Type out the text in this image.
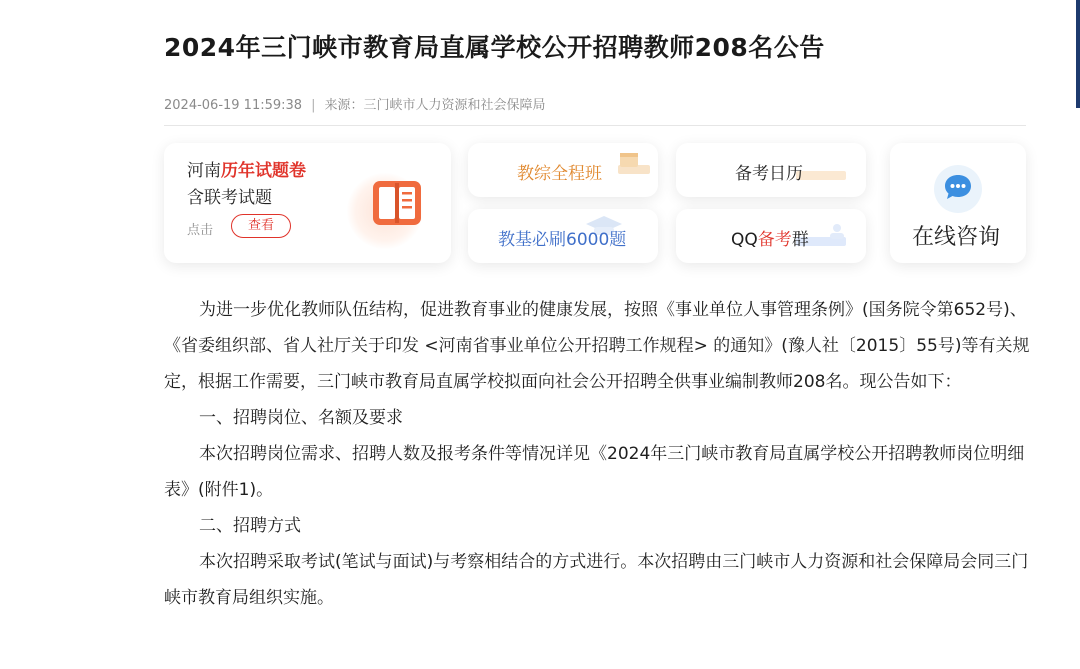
2024年三门峡市教育局直属学校公开招聘教师208名公告
2024-06-19 11:59:38 | 来源：三门峡市人力资源和社会保障局
河南历年试题卷
含联考试题
点击	查看
教综全程班
教基必刷6000题
备考日历
QQ备考群	在线咨询

为进一步优化教师队伍结构，促进教育事业的健康发展，按照《事业单位人事管理条例》(国务院令第652号)、《省委组织部、省人社厅关于印发 <河南省事业单位公开招聘工作规程> 的通知》(豫人社〔2015〕55号)等有关规定，根据工作需要，三门峡市教育局直属学校拟面向社会公开招聘全供事业编制教师208名。现公告如下：

一、招聘岗位、名额及要求

本次招聘岗位需求、招聘人数及报考条件等情况详见《2024年三门峡市教育局直属学校公开招聘教师岗位明细表》(附件1)。

二、招聘方式

本次招聘采取考试(笔试与面试)与考察相结合的方式进行。本次招聘由三门峡市人力资源和社会保障局会同三门峡市教育局组织实施。
